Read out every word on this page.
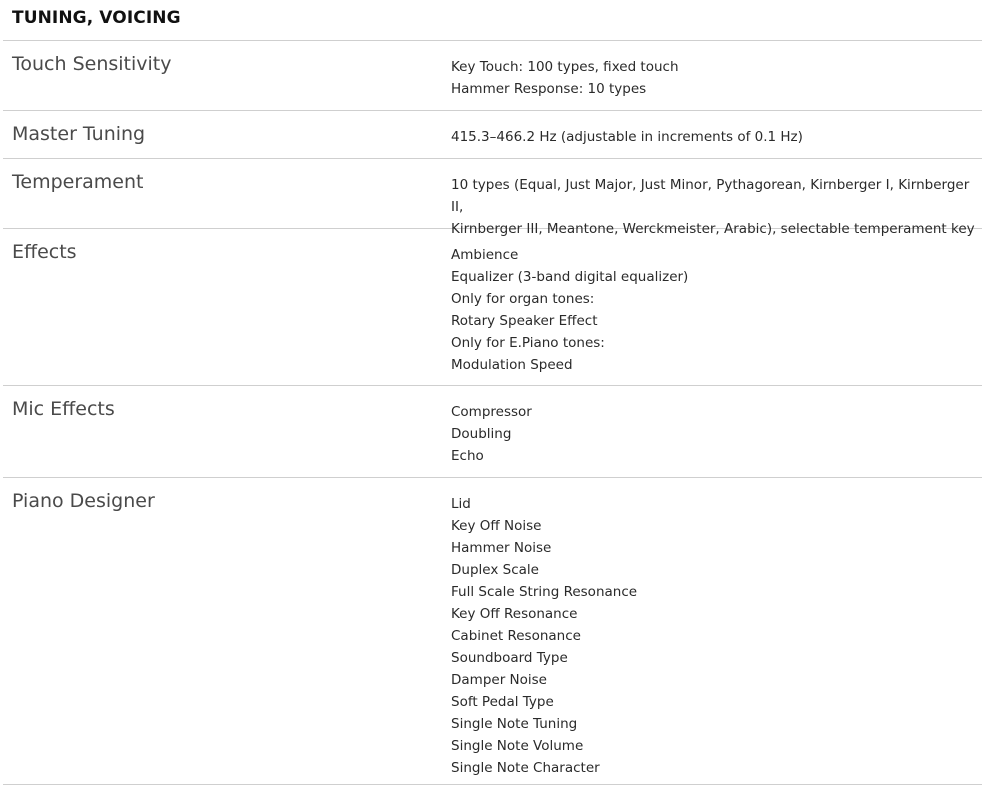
TUNING, VOICING
Touch Sensitivity	Key Touch: 100 types, fixed touch
Hammer Response: 10 types
Master Tuning	415.3–466.2 Hz (adjustable in increments of 0.1 Hz)
Temperament	10 types (Equal, Just Major, Just Minor, Pythagorean, Kirnberger I, Kirnberger II,
Kirnberger III, Meantone, Werckmeister, Arabic), selectable temperament key
Effects	Ambience
Equalizer (3-band digital equalizer)
Only for organ tones:
Rotary Speaker Effect
Only for E.Piano tones:
Modulation Speed
Mic Effects	Compressor
Doubling
Echo
Piano Designer	Lid
Key Off Noise
Hammer Noise
Duplex Scale
Full Scale String Resonance
Key Off Resonance
Cabinet Resonance
Soundboard Type
Damper Noise
Soft Pedal Type
Single Note Tuning
Single Note Volume
Single Note Character
